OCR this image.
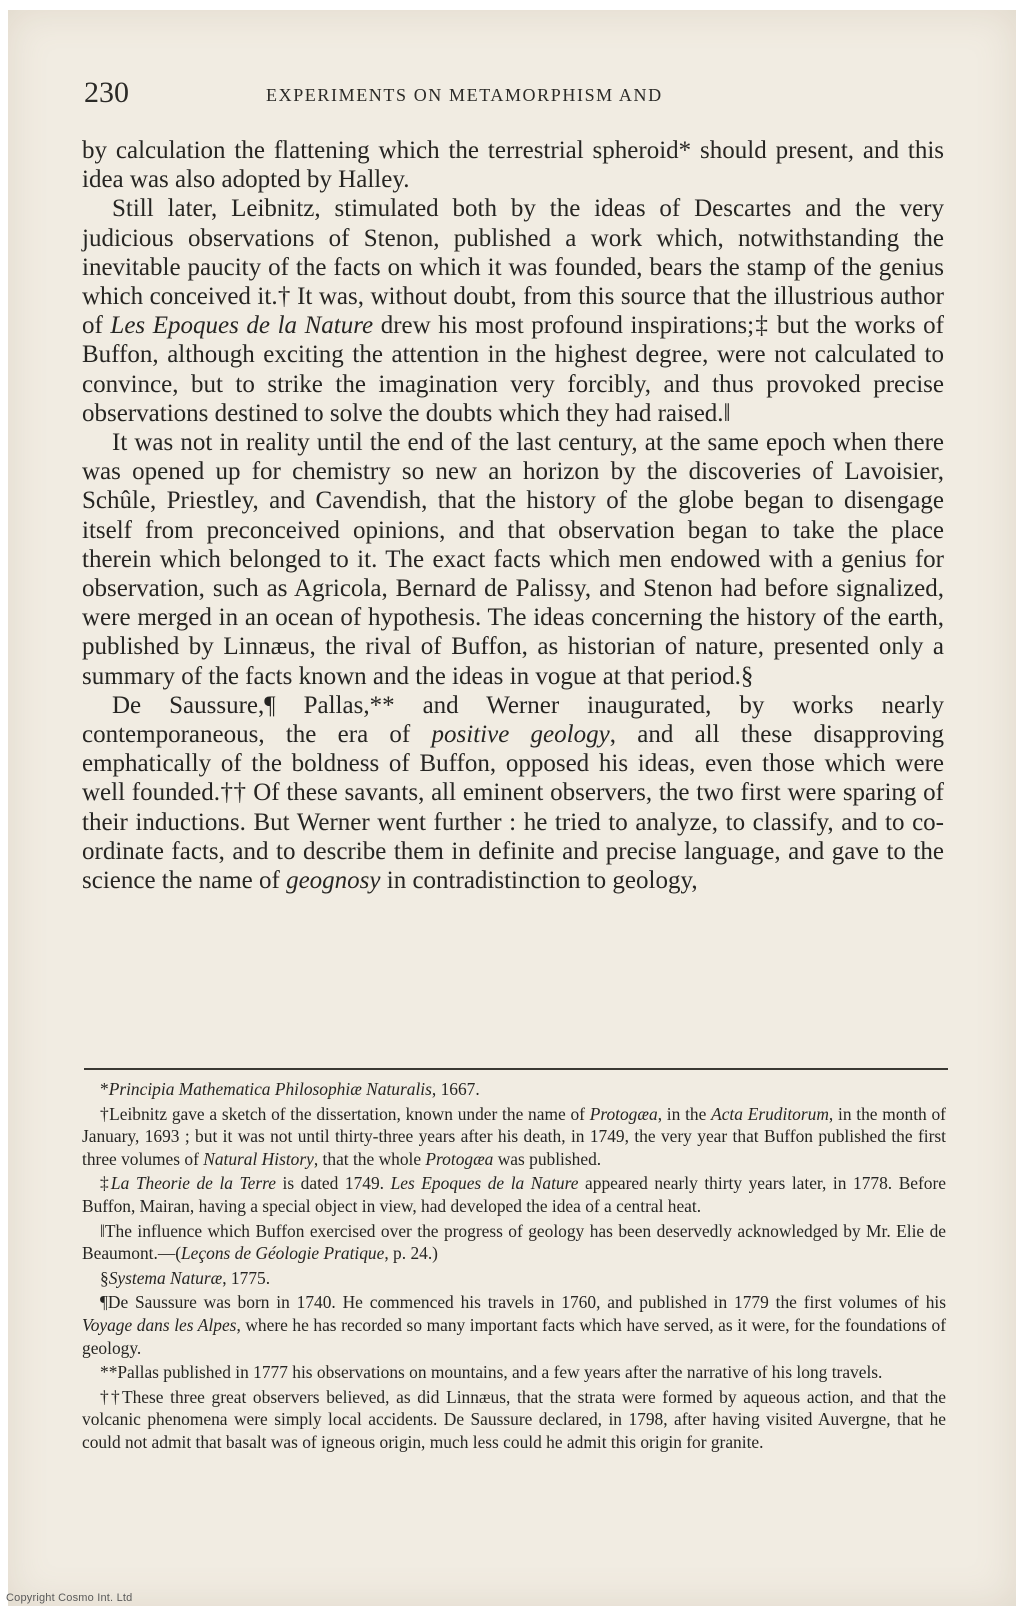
230	EXPERIMENTS ON METAMORPHISM AND

by calculation the flattening which the terrestrial spheroid* should present, and this idea was also adopted by Halley.

Still later, Leibnitz, stimulated both by the ideas of Descartes and the very judicious observations of Stenon, published a work which, notwithstanding the inevitable paucity of the facts on which it was founded, bears the stamp of the genius which conceived it.† It was, without doubt, from this source that the illustrious author of Les Epoques de la Nature drew his most profound inspirations;‡ but the works of Buffon, although exciting the attention in the highest degree, were not calculated to convince, but to strike the imagination very forcibly, and thus provoked precise observations destined to solve the doubts which they had raised.‖

It was not in reality until the end of the last century, at the same epoch when there was opened up for chemistry so new an horizon by the discoveries of Lavoisier, Schûle, Priestley, and Cavendish, that the history of the globe began to disengage itself from preconceived opinions, and that observation began to take the place therein which belonged to it. The exact facts which men endowed with a genius for observation, such as Agricola, Bernard de Palissy, and Stenon had before signalized, were merged in an ocean of hypothesis. The ideas concerning the history of the earth, published by Linnæus, the rival of Buffon, as historian of nature, presented only a summary of the facts known and the ideas in vogue at that period.§

De Saussure,¶ Pallas,** and Werner inaugurated, by works nearly contemporaneous, the era of positive geology, and all these disapproving emphatically of the boldness of Buffon, opposed his ideas, even those which were well founded.†† Of these savants, all eminent observers, the two first were sparing of their inductions. But Werner went further : he tried to analyze, to classify, and to co-ordinate facts, and to describe them in definite and precise language, and gave to the science the name of geognosy in contradistinction to geology,

*Principia Mathematica Philosophiæ Naturalis, 1667.

†Leibnitz gave a sketch of the dissertation, known under the name of Protogæa, in the Acta Eruditorum, in the month of January, 1693 ; but it was not until thirty-three years after his death, in 1749, the very year that Buffon published the first three volumes of Natural History, that the whole Protogæa was published.

‡La Theorie de la Terre is dated 1749. Les Epoques de la Nature appeared nearly thirty years later, in 1778. Before Buffon, Mairan, having a special object in view, had developed the idea of a central heat.

‖The influence which Buffon exercised over the progress of geology has been deservedly acknowledged by Mr. Elie de Beaumont.—(Leçons de Géologie Pratique, p. 24.)

§Systema Naturæ, 1775.

¶De Saussure was born in 1740. He commenced his travels in 1760, and published in 1779 the first volumes of his Voyage dans les Alpes, where he has recorded so many important facts which have served, as it were, for the foundations of geology.

**Pallas published in 1777 his observations on mountains, and a few years after the narrative of his long travels.

††These three great observers believed, as did Linnæus, that the strata were formed by aqueous action, and that the volcanic phenomena were simply local accidents. De Saussure declared, in 1798, after having visited Auvergne, that he could not admit that basalt was of igneous origin, much less could he admit this origin for granite.

Copyright Cosmo Int. Ltd
